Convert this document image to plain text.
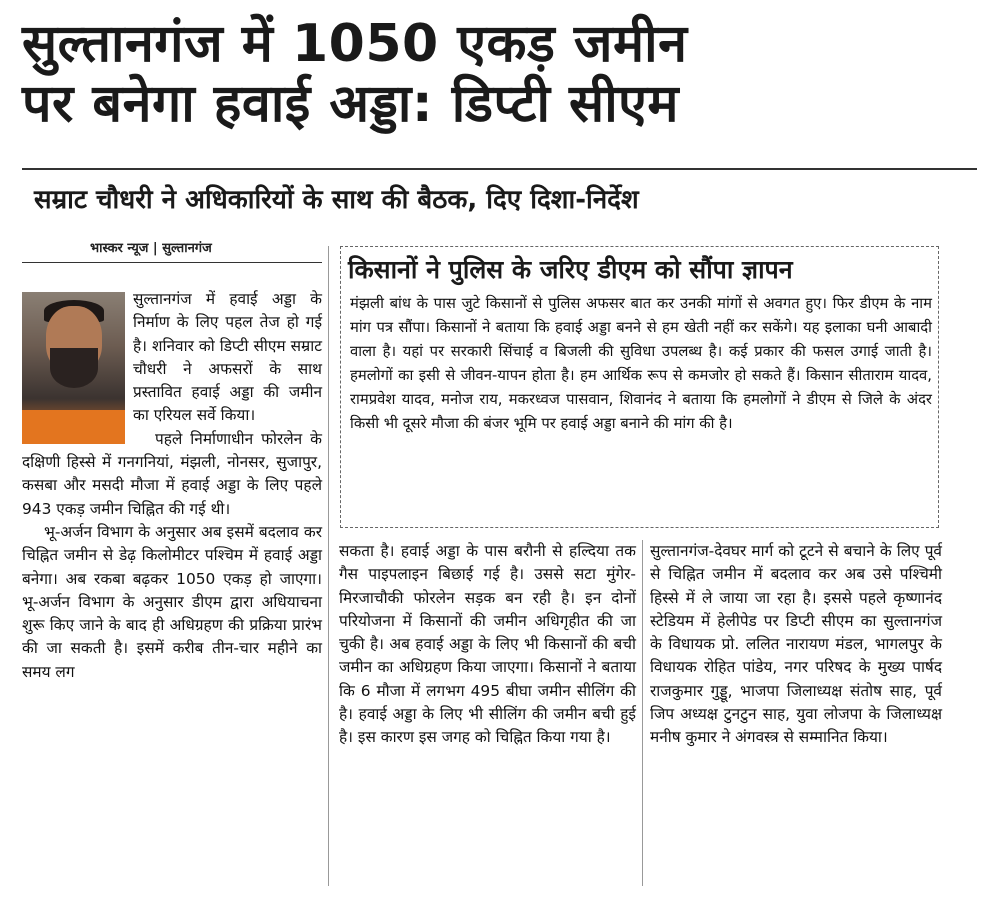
सुल्तानगंज में 1050 एकड़ जमीन
पर बनेगा हवाई अड्डा: डिप्टी सीएम
सम्राट चौधरी ने अधिकारियों के साथ की बैठक, दिए दिशा-निर्देश
भास्कर न्यूज | सुल्तानगंज

सुल्तानगंज में हवाई अड्डा के निर्माण के लिए पहल तेज हो गई है। शनिवार को डिप्टी सीएम सम्राट चौधरी ने अफसरों के साथ प्रस्तावित हवाई अड्डा की जमीन का एरियल सर्वे किया।

पहले निर्माणाधीन फोरलेन के दक्षिणी हिस्से में गनगनियां, मंझली, नोनसर, सुजापुर, कसबा और मसदी मौजा में हवाई अड्डा के लिए पहले 943 एकड़ जमीन चिह्नित की गई थी।

भू-अर्जन विभाग के अनुसार अब इसमें बदलाव कर चिह्नित जमीन से डेढ़ किलोमीटर पश्चिम में हवाई अड्डा बनेगा। अब रकबा बढ़कर 1050 एकड़ हो जाएगा। भू-अर्जन विभाग के अनुसार डीएम द्वारा अधियाचना शुरू किए जाने के बाद ही अधिग्रहण की प्रक्रिया प्रारंभ की जा सकती है। इसमें करीब तीन-चार महीने का समय लग

किसानों ने पुलिस के जरिए डीएम को सौंपा ज्ञापन

मंझली बांध के पास जुटे किसानों से पुलिस अफसर बात कर उनकी मांगों से अवगत हुए। फिर डीएम के नाम मांग पत्र सौंपा। किसानों ने बताया कि हवाई अड्डा बनने से हम खेती नहीं कर सकेंगे। यह इलाका घनी आबादी वाला है। यहां पर सरकारी सिंचाई व बिजली की सुविधा उपलब्ध है। कई प्रकार की फसल उगाई जाती है। हमलोगों का इसी से जीवन-यापन होता है। हम आर्थिक रूप से कमजोर हो सकते हैं। किसान सीताराम यादव, रामप्रवेश यादव, मनोज राय, मकरध्वज पासवान, शिवानंद ने बताया कि हमलोगों ने डीएम से जिले के अंदर किसी भी दूसरे मौजा की बंजर भूमि पर हवाई अड्डा बनाने की मांग की है।

सकता है। हवाई अड्डा के पास बरौनी से हल्दिया तक गैस पाइपलाइन बिछाई गई है। उससे सटा मुंगेर-मिरजाचौकी फोरलेन सड़क बन रही है। इन दोनों परियोजना में किसानों की जमीन अधिगृहीत की जा चुकी है। अब हवाई अड्डा के लिए भी किसानों की बची जमीन का अधिग्रहण किया जाएगा। किसानों ने बताया कि 6 मौजा में लगभग 495 बीघा जमीन सीलिंग की है। हवाई अड्डा के लिए भी सीलिंग की जमीन बची हुई है। इस कारण इस जगह को चिह्नित किया गया है।

सुल्तानगंज-देवघर मार्ग को टूटने से बचाने के लिए पूर्व से चिह्नित जमीन में बदलाव कर अब उसे पश्चिमी हिस्से में ले जाया जा रहा है। इससे पहले कृष्णानंद स्टेडियम में हेलीपेड पर डिप्टी सीएम का सुल्तानगंज के विधायक प्रो. ललित नारायण मंडल, भागलपुर के विधायक रोहित पांडेय, नगर परिषद के मुख्य पार्षद राजकुमार गुड्डू, भाजपा जिलाध्यक्ष संतोष साह, पूर्व जिप अध्यक्ष टुनटुन साह, युवा लोजपा के जिलाध्यक्ष मनीष कुमार ने अंगवस्त्र से सम्मानित किया।
